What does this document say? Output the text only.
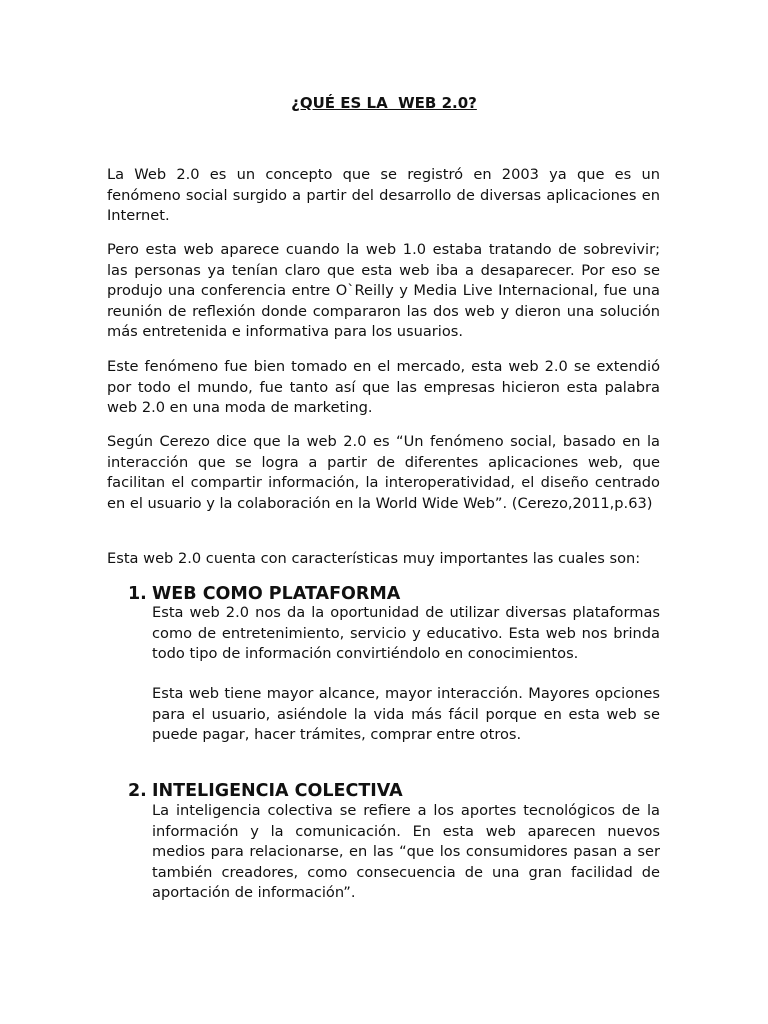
¿QUÉ ES LA  WEB 2.0?

La Web 2.0 es un concepto que se registró en 2003 ya que es un fenómeno social surgido a partir del desarrollo de diversas aplicaciones en Internet.

Pero esta web aparece cuando la web 1.0 estaba tratando de sobrevivir; las personas ya tenían claro que esta web iba a desaparecer. Por eso se produjo una conferencia entre O`Reilly y Media Live Internacional, fue una reunión de reflexión donde compararon las dos web y dieron una solución más entretenida e informativa para los usuarios.

Este fenómeno fue bien tomado en el mercado, esta web 2.0 se extendió por todo el mundo, fue tanto así que las empresas hicieron esta palabra web 2.0 en una moda de marketing.

Según Cerezo dice que la web 2.0 es “Un fenómeno social, basado en la interacción que se logra a partir de diferentes aplicaciones web, que facilitan el compartir información, la interoperatividad, el diseño centrado en el usuario y la colaboración en la World Wide Web”. (Cerezo,2011,p.63)

Esta web 2.0 cuenta con características muy importantes las cuales son:

1. WEB COMO PLATAFORMA

Esta web 2.0 nos da la oportunidad de utilizar diversas plataformas como de entretenimiento, servicio y educativo. Esta web nos brinda todo tipo de información convirtiéndolo en conocimientos.

Esta web tiene mayor alcance, mayor interacción. Mayores opciones para el usuario, asiéndole la vida más fácil porque en esta web se puede pagar, hacer trámites, comprar entre otros.

2. INTELIGENCIA COLECTIVA

La inteligencia colectiva se refiere a los aportes tecnológicos de la información y la comunicación. En esta web aparecen nuevos medios para relacionarse, en las “que los consumidores pasan a ser también creadores, como consecuencia de una gran facilidad de aportación de información”.
